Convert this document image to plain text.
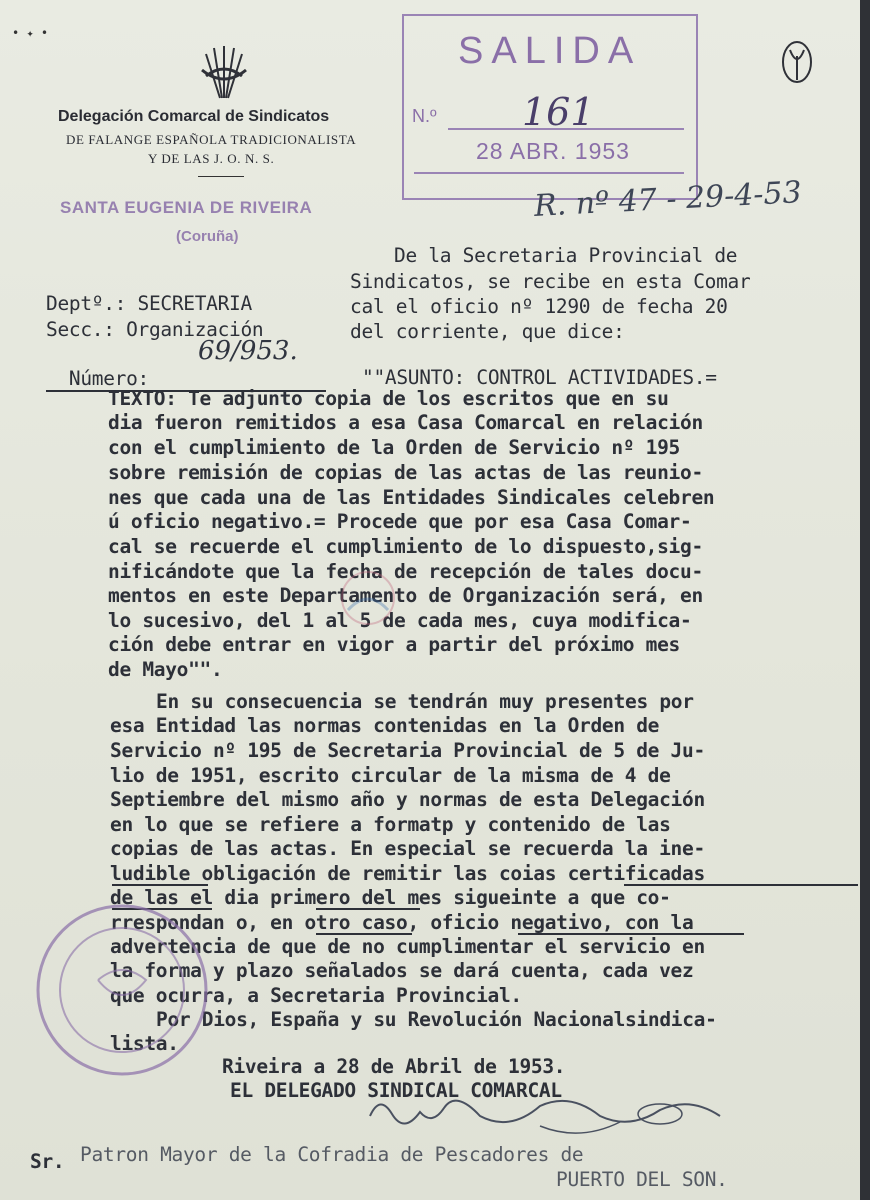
• ✦ •
Delegación Comarcal de Sindicatos
DE FALANGE ESPAÑOLA TRADICIONALISTA
Y DE LAS J. O. N. S.
SANTA EUGENIA DE RIVEIRA
(Coruña)
SALIDA
N.º 161
28 ABR. 1953
R. nº 47 - 29-4-53
Deptº.: SECRETARIA
Secc.: Organización

Número:

69/953.
De la Secretaria Provincial de
Sindicatos, se recibe en esta Comar
cal el oficio nº 1290 de fecha 20
del corriente, que dice:
""ASUNTO: CONTROL ACTIVIDADES.=
TEXTO: Te adjunto copia de los escritos que en su
dia fueron remitidos a esa Casa Comarcal en relación
con el cumplimiento de la Orden de Servicio nº 195
sobre remisión de copias de las actas de las reunio-
nes que cada una de las Entidades Sindicales celebren
ú oficio negativo.= Procede que por esa Casa Comar-
cal se recuerde el cumplimiento de lo dispuesto,sig-
nificándote que la fecha de recepción de tales docu-
mentos en este Departamento de Organización será, en
lo sucesivo, del 1 al 5 de cada mes, cuya modifica-
ción debe entrar en vigor a partir del próximo mes
de Mayo"".
En su consecuencia se tendrán muy presentes por
esa Entidad las normas contenidas en la Orden de
Servicio nº 195 de Secretaria Provincial de 5 de Ju-
lio de 1951, escrito circular de la misma de 4 de
Septiembre del mismo año y normas de esta Delegación
en lo que se refiere a formatp y contenido de las
copias de las actas. En especial se recuerda la ine-
ludible obligación de remitir las coias certificadas
de las el dia primero del mes sigueinte a que co-
rrespondan o, en otro caso, oficio negativo, con la
advertencia de que de no cumplimentar el servicio en
la forma y plazo señalados se dará cuenta, cada vez
que ocurra, a Secretaria Provincial.
Por Dios, España y su Revolución Nacionalsindica-
lista.
Riveira a 28 de Abril de 1953.
EL DELEGADO SINDICAL COMARCAL
Sr. Patron Mayor de la Cofradia de Pescadores de
PUERTO DEL SON.
